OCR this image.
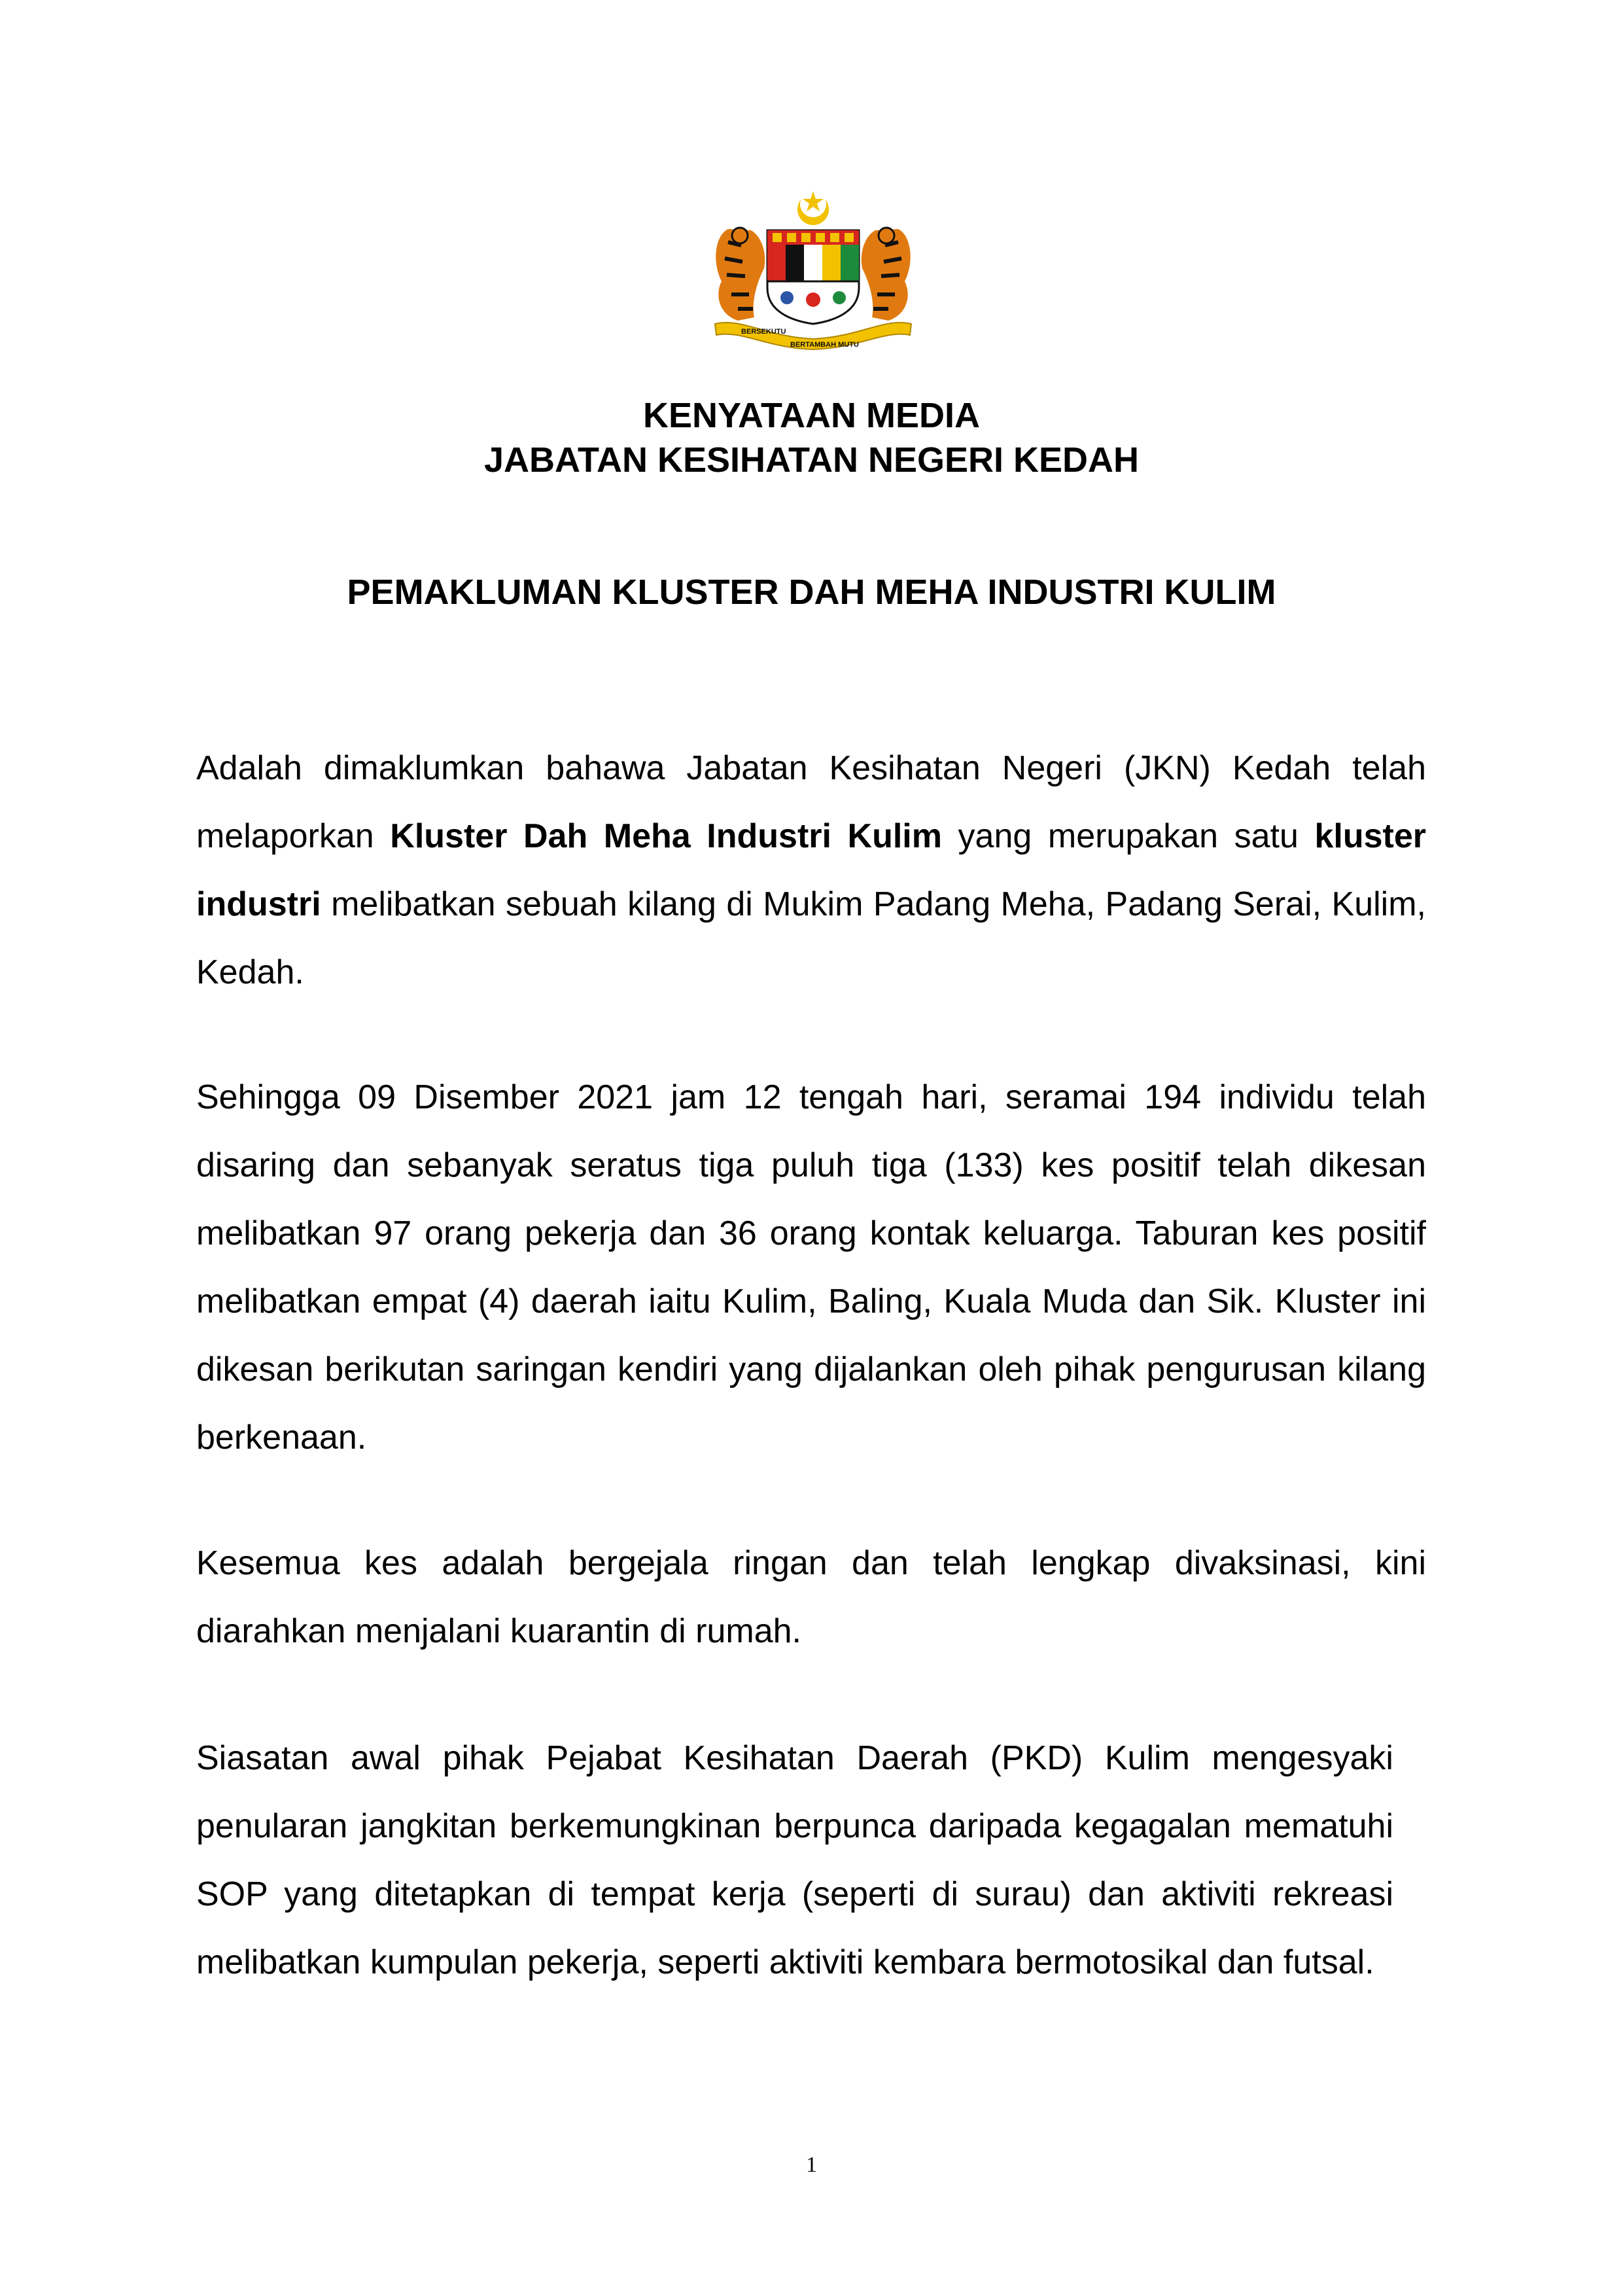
BERSEKUTU
BERTAMBAH MUTU

KENYATAAN MEDIA

JABATAN KESIHATAN NEGERI KEDAH

PEMAKLUMAN KLUSTER DAH MEHA INDUSTRI KULIM

Adalah dimaklumkan bahawa Jabatan Kesihatan Negeri (JKN) Kedah telah melaporkan Kluster Dah Meha Industri Kulim yang merupakan satu kluster industri melibatkan sebuah kilang di Mukim Padang Meha, Padang Serai, Kulim, Kedah.

Sehingga 09 Disember 2021 jam 12 tengah hari, seramai 194 individu telah disaring dan sebanyak seratus tiga puluh tiga (133) kes positif telah dikesan melibatkan 97 orang pekerja dan 36 orang kontak keluarga. Taburan kes positif melibatkan empat (4) daerah iaitu Kulim, Baling, Kuala Muda dan Sik. Kluster ini dikesan berikutan saringan kendiri yang dijalankan oleh pihak pengurusan kilang berkenaan.

Kesemua kes adalah bergejala ringan dan telah lengkap divaksinasi, kini diarahkan menjalani kuarantin di rumah.

Siasatan awal pihak Pejabat Kesihatan Daerah (PKD) Kulim mengesyaki penularan jangkitan berkemungkinan berpunca daripada kegagalan mematuhi SOP yang ditetapkan di tempat kerja (seperti di surau) dan aktiviti rekreasi melibatkan kumpulan pekerja, seperti aktiviti kembara bermotosikal dan futsal.

1
